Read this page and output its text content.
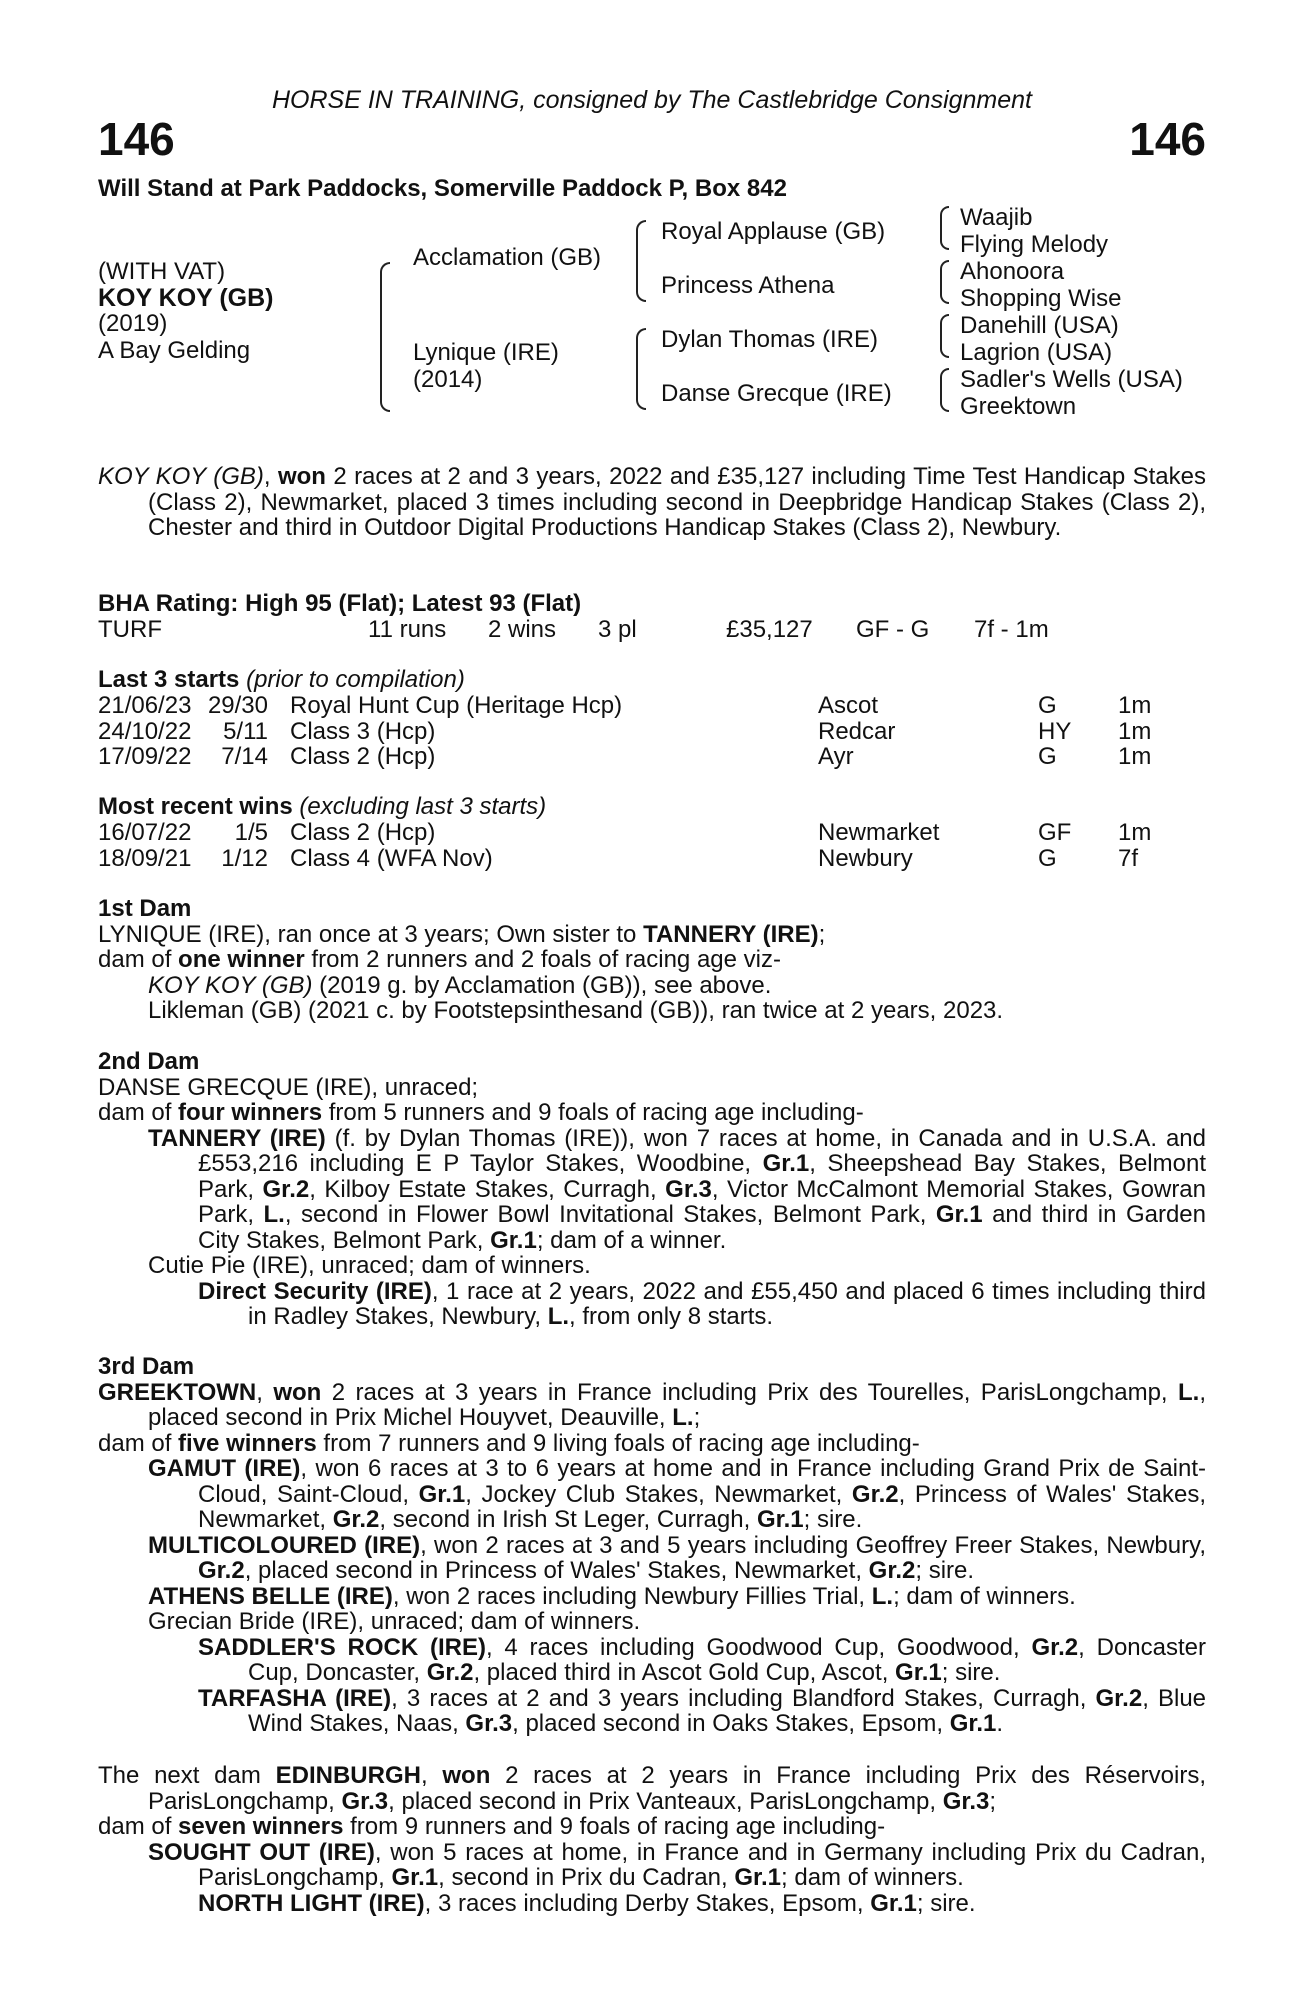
HORSE IN TRAINING, consigned by The Castlebridge Consignment
146	146
Will Stand at Park Paddocks, Somerville Paddock P, Box 842
(WITH VAT)
KOY KOY (GB)
(2019)
A Bay Gelding
Acclamation (GB)
Lynique (IRE)
(2014)
Royal Applause (GB)
Princess Athena
Dylan Thomas (IRE)
Danse Grecque (IRE)
Waajib
Flying Melody
Ahonoora
Shopping Wise
Danehill (USA)
Lagrion (USA)
Sadler's Wells (USA)
Greektown

KOY KOY (GB), won 2 races at 2 and 3 years, 2022 and £35,127 including Time Test Handicap Stakes (Class 2), Newmarket, placed 3 times including second in Deepbridge Handicap Stakes (Class 2), Chester and third in Outdoor Digital Productions Handicap Stakes (Class 2), Newbury.

BHA Rating: High 95 (Flat); Latest 93 (Flat)
TURF	11 runs 2 wins 3 pl	£35,127 GF - G 7f - 1m
Last 3 starts (prior to compilation)
21/06/23 29/30 Royal Hunt Cup (Heritage Hcp)	Ascot	G	1m
24/10/22	5/11 Class 3 (Hcp)	Redcar	HY 1m
17/09/22	7/14 Class 2 (Hcp)	Ayr	G	1m
Most recent wins (excluding last 3 starts)
16/07/22	1/5 Class 2 (Hcp)	Newmarket	GF 1m
18/09/21	1/12 Class 4 (WFA Nov)	Newbury	G	7f

1st Dam

LYNIQUE (IRE), ran once at 3 years; Own sister to TANNERY (IRE);

dam of one winner from 2 runners and 2 foals of racing age viz-

KOY KOY (GB) (2019 g. by Acclamation (GB)), see above.

Likleman (GB) (2021 c. by Footstepsinthesand (GB)), ran twice at 2 years, 2023.

2nd Dam

DANSE GRECQUE (IRE), unraced;

dam of four winners from 5 runners and 9 foals of racing age including-

TANNERY (IRE) (f. by Dylan Thomas (IRE)), won 7 races at home, in Canada and in U.S.A. and £553,216 including E P Taylor Stakes, Woodbine, Gr.1, Sheepshead Bay Stakes, Belmont Park, Gr.2, Kilboy Estate Stakes, Curragh, Gr.3, Victor McCalmont Memorial Stakes, Gowran Park, L., second in Flower Bowl Invitational Stakes, Belmont Park, Gr.1 and third in Garden City Stakes, Belmont Park, Gr.1; dam of a winner.

Cutie Pie (IRE), unraced; dam of winners.

Direct Security (IRE), 1 race at 2 years, 2022 and £55,450 and placed 6 times including third in Radley Stakes, Newbury, L., from only 8 starts.

3rd Dam

GREEKTOWN, won 2 races at 3 years in France including Prix des Tourelles, ParisLongchamp, L., placed second in Prix Michel Houyvet, Deauville, L.;

dam of five winners from 7 runners and 9 living foals of racing age including-

GAMUT (IRE), won 6 races at 3 to 6 years at home and in France including Grand Prix de Saint-Cloud, Saint-Cloud, Gr.1, Jockey Club Stakes, Newmarket, Gr.2, Princess of Wales' Stakes, Newmarket, Gr.2, second in Irish St Leger, Curragh, Gr.1; sire.

MULTICOLOURED (IRE), won 2 races at 3 and 5 years including Geoffrey Freer Stakes, Newbury, Gr.2, placed second in Princess of Wales' Stakes, Newmarket, Gr.2; sire.

ATHENS BELLE (IRE), won 2 races including Newbury Fillies Trial, L.; dam of winners.

Grecian Bride (IRE), unraced; dam of winners.

SADDLER'S ROCK (IRE), 4 races including Goodwood Cup, Goodwood, Gr.2, Doncaster Cup, Doncaster, Gr.2, placed third in Ascot Gold Cup, Ascot, Gr.1; sire.

TARFASHA (IRE), 3 races at 2 and 3 years including Blandford Stakes, Curragh, Gr.2, Blue Wind Stakes, Naas, Gr.3, placed second in Oaks Stakes, Epsom, Gr.1.

The next dam EDINBURGH, won 2 races at 2 years in France including Prix des Réservoirs, ParisLongchamp, Gr.3, placed second in Prix Vanteaux, ParisLongchamp, Gr.3;

dam of seven winners from 9 runners and 9 foals of racing age including-

SOUGHT OUT (IRE), won 5 races at home, in France and in Germany including Prix du Cadran, ParisLongchamp, Gr.1, second in Prix du Cadran, Gr.1; dam of winners.

NORTH LIGHT (IRE), 3 races including Derby Stakes, Epsom, Gr.1; sire.
